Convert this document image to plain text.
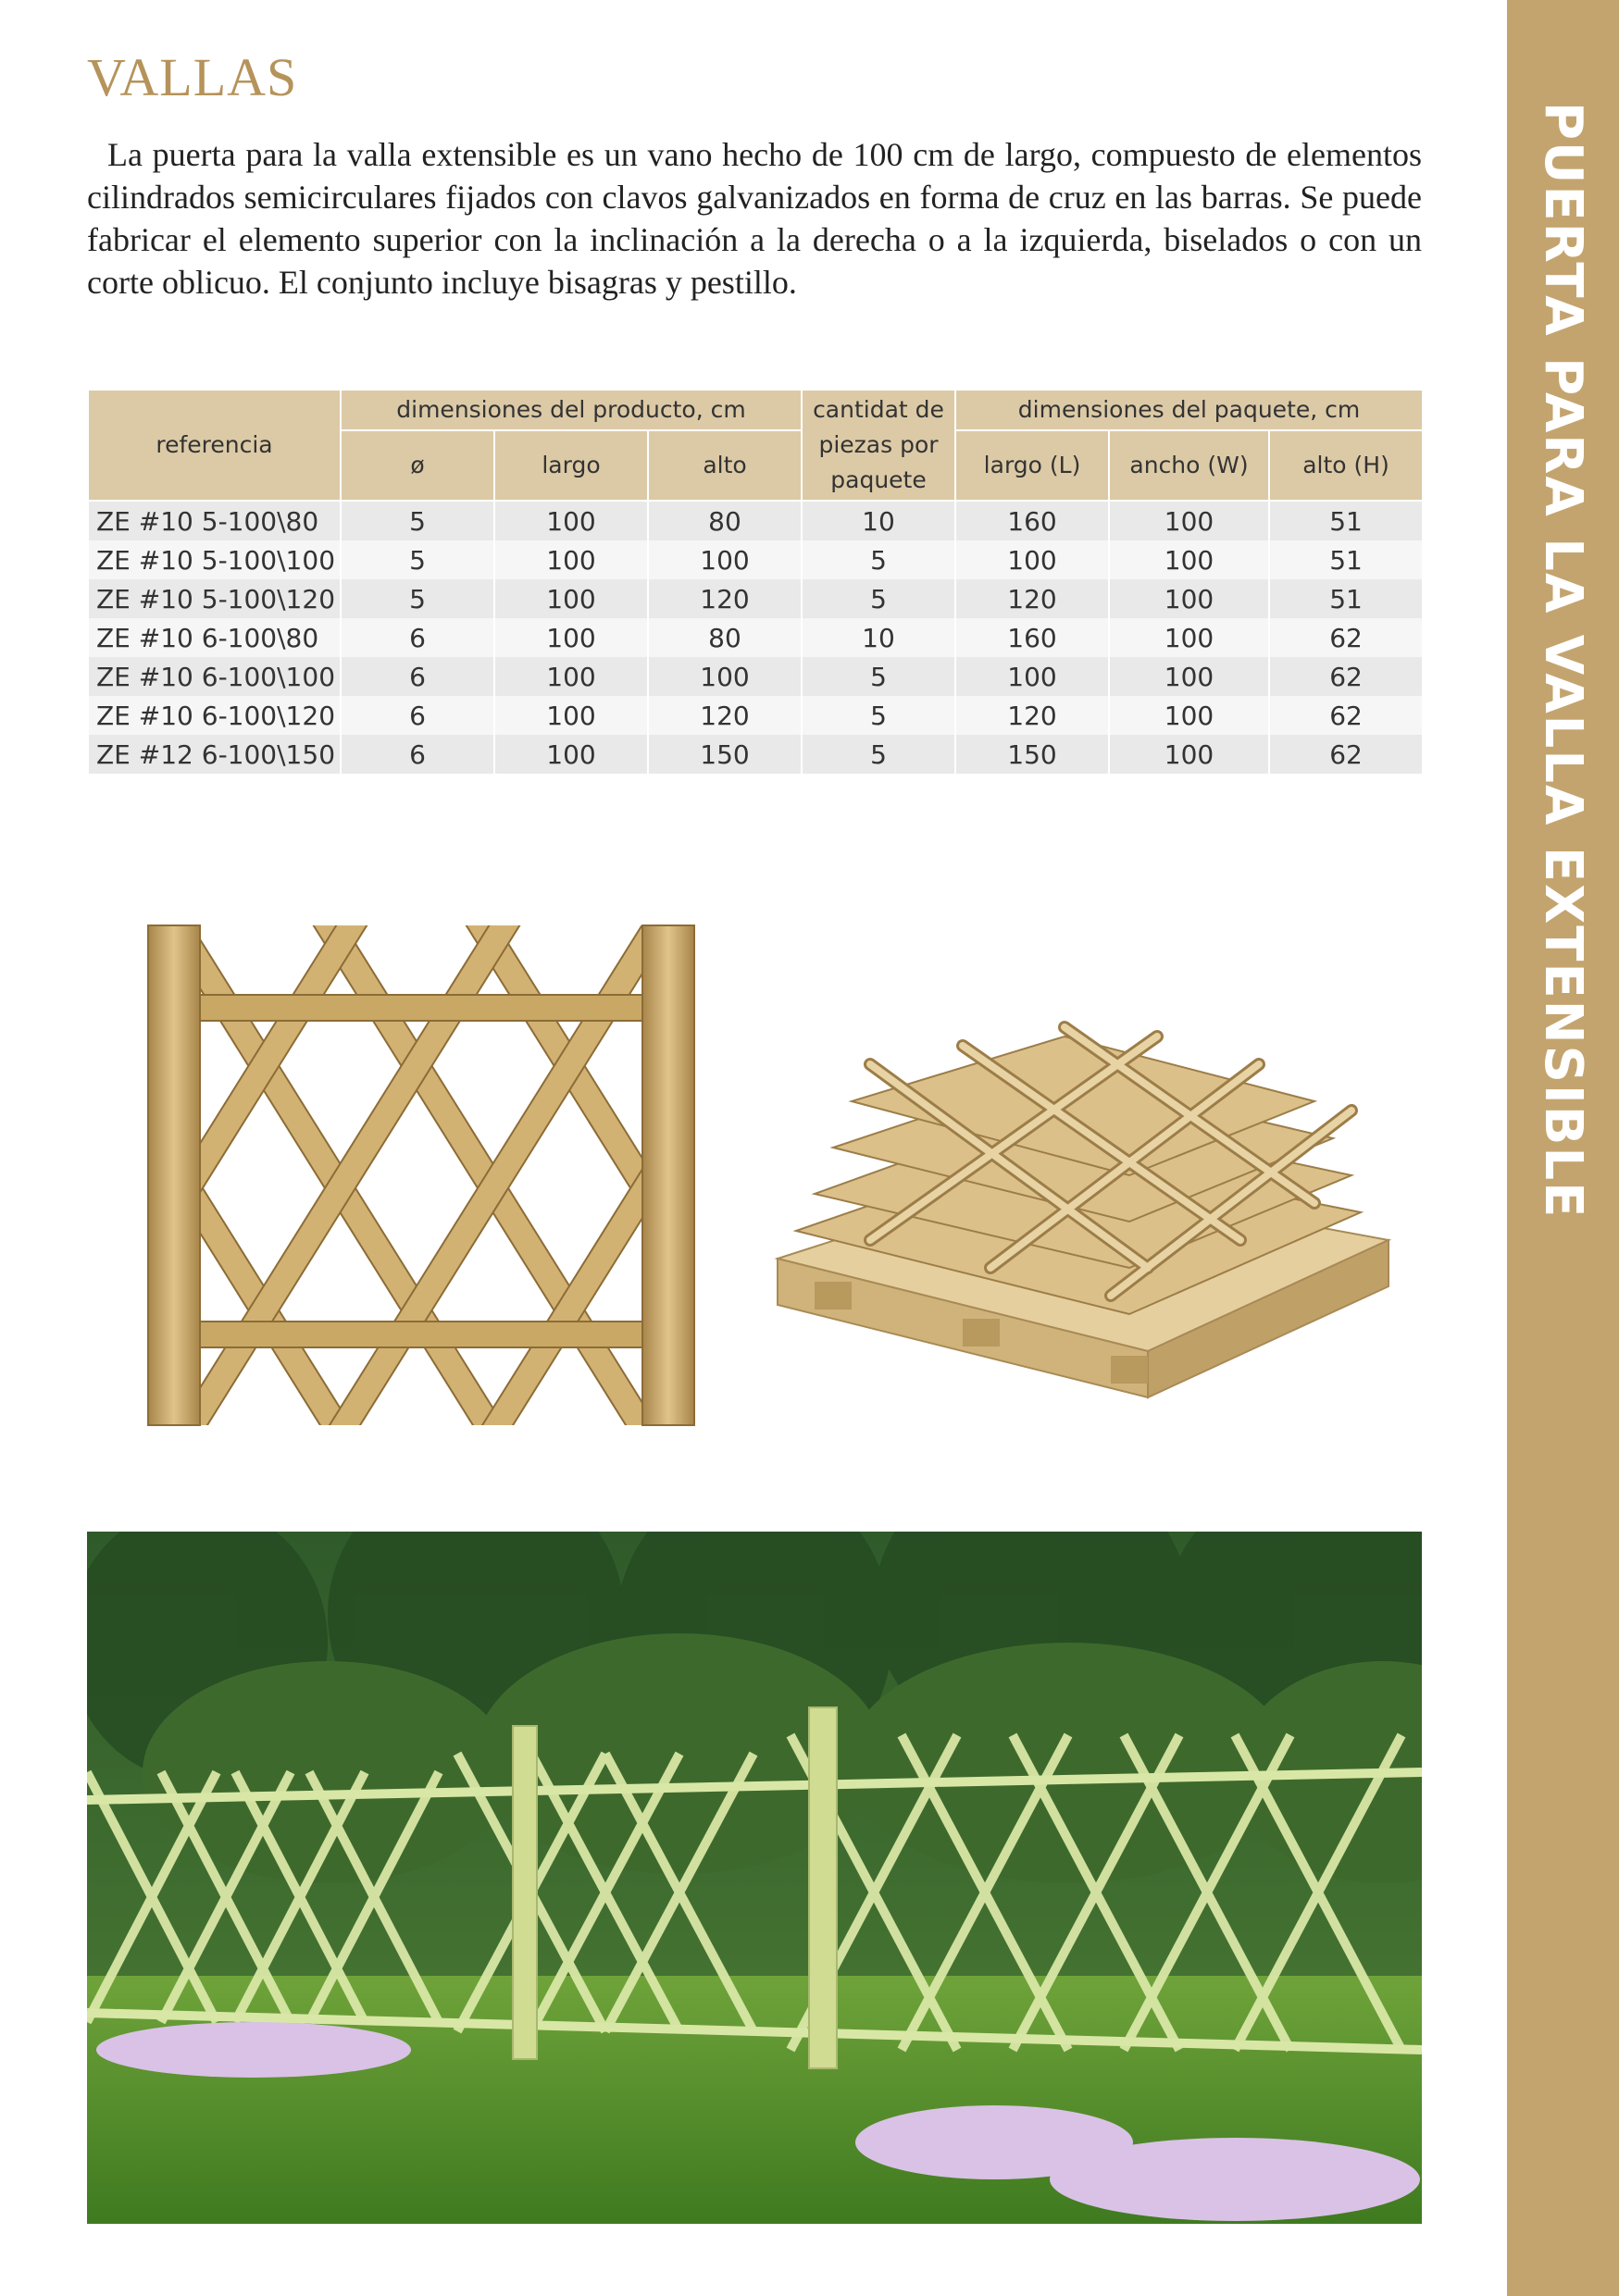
PUERTA PARA LA VALLA EXTENSIBLE
VALLAS

La puerta para la valla extensible es un vano hecho de 100 cm de largo, compuesto de elementos cilindrados semicirculares fijados con clavos galvanizados en forma de cruz en las barras. Se puede fabricar el elemento superior con la inclinación a la derecha o a la izquierda, biselados o con un corte oblicuo. El conjunto incluye bisagras y pestillo.

referencia	dimensiones del producto, cm			cantidat de piezas por paquete	dimensiones del paquete, cm		
	ø	largo	alto		largo (L)	ancho (W)	alto (H)
ZE #10 5-100\80	5	100	80	10	160	100	51
ZE #10 5-100\100	5	100	100	5	100	100	51
ZE #10 5-100\120	5	100	120	5	120	100	51
ZE #10 6-100\80	6	100	80	10	160	100	62
ZE #10 6-100\100	6	100	100	5	100	100	62
ZE #10 6-100\120	6	100	120	5	120	100	62
ZE #12 6-100\150	6	100	150	5	150	100	62
